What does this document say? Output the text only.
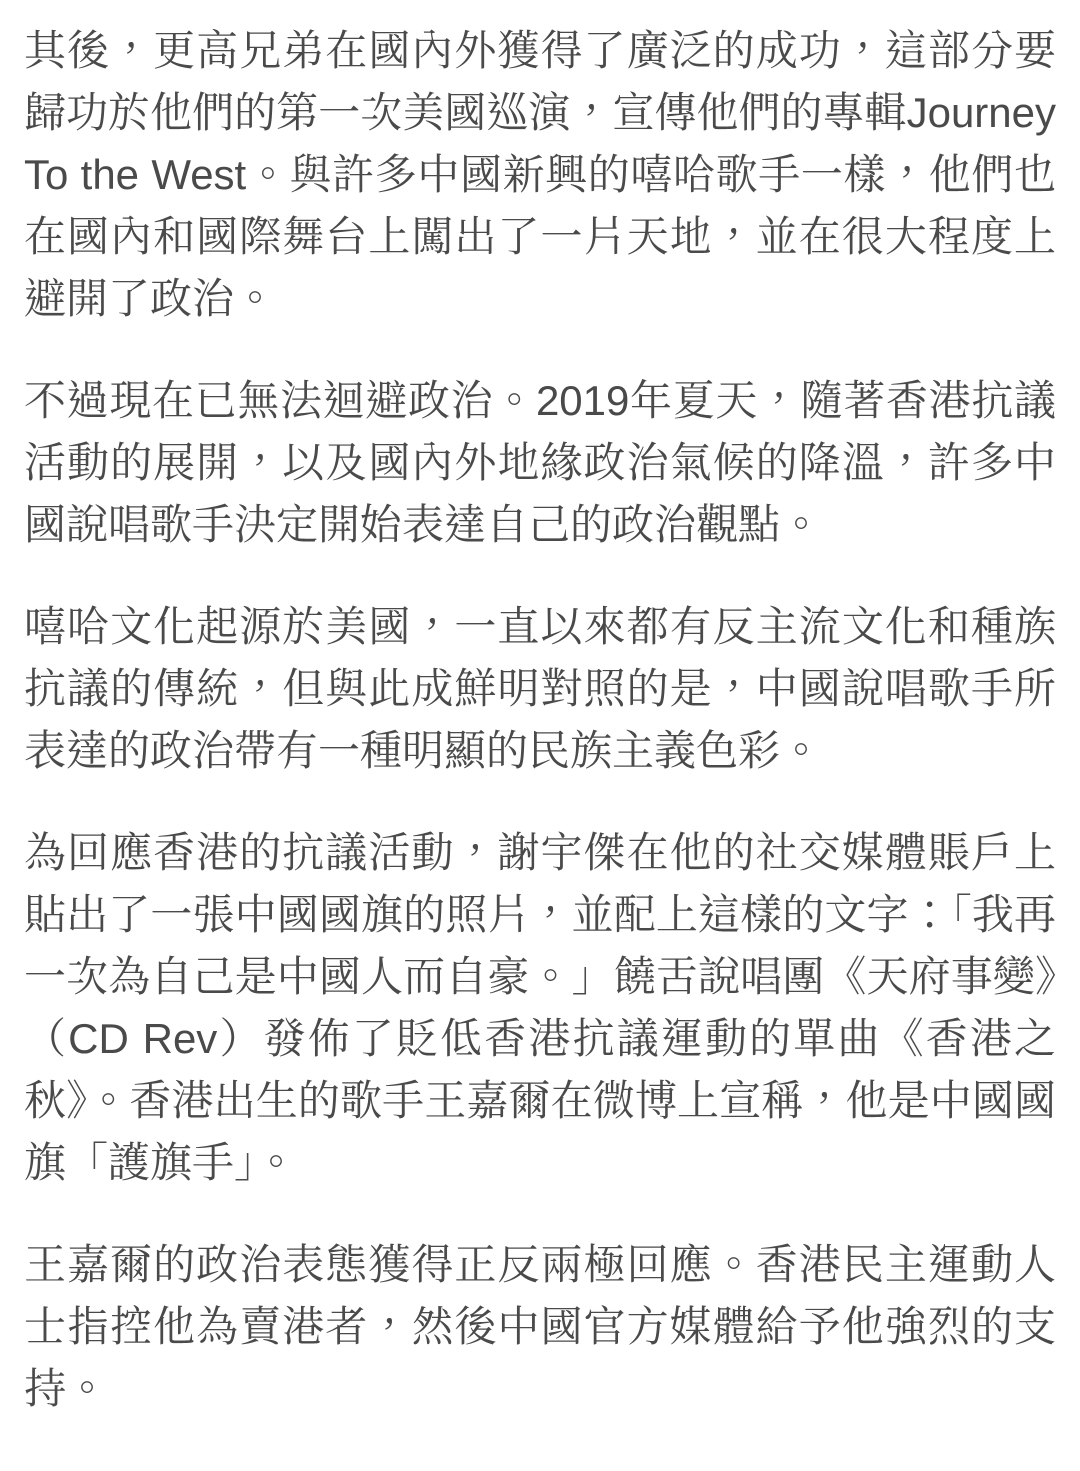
其後，更高兄弟在國內外獲得了廣泛的成功，這部分要歸功於他們的第一次美國巡演，宣傳他們的專輯Journey To the West。與許多中國新興的嘻哈歌手一樣，他們也在國內和國際舞台上闖出了一片天地，並在很大程度上避開了政治。

不過現在已無法迴避政治。2019年夏天，隨著香港抗議活動的展開，以及國內外地緣政治氣候的降溫，許多中國說唱歌手決定開始表達自己的政治觀點。

嘻哈文化起源於美國，一直以來都有反主流文化和種族抗議的傳統，但與此成鮮明對照的是，中國說唱歌手所表達的政治帶有一種明顯的民族主義色彩。

為回應香港的抗議活動，謝宇傑在他的社交媒體賬戶上貼出了一張中國國旗的照片，並配上這樣的文字：「我再一次為自己是中國人而自豪。」饒舌說唱團《天府事變》（CD Rev）發佈了貶低香港抗議運動的單曲《香港之秋》。香港出生的歌手王嘉爾在微博上宣稱，他是中國國旗「護旗手」。

王嘉爾的政治表態獲得正反兩極回應。香港民主運動人士指控他為賣港者，然後中國官方媒體給予他強烈的支持。
